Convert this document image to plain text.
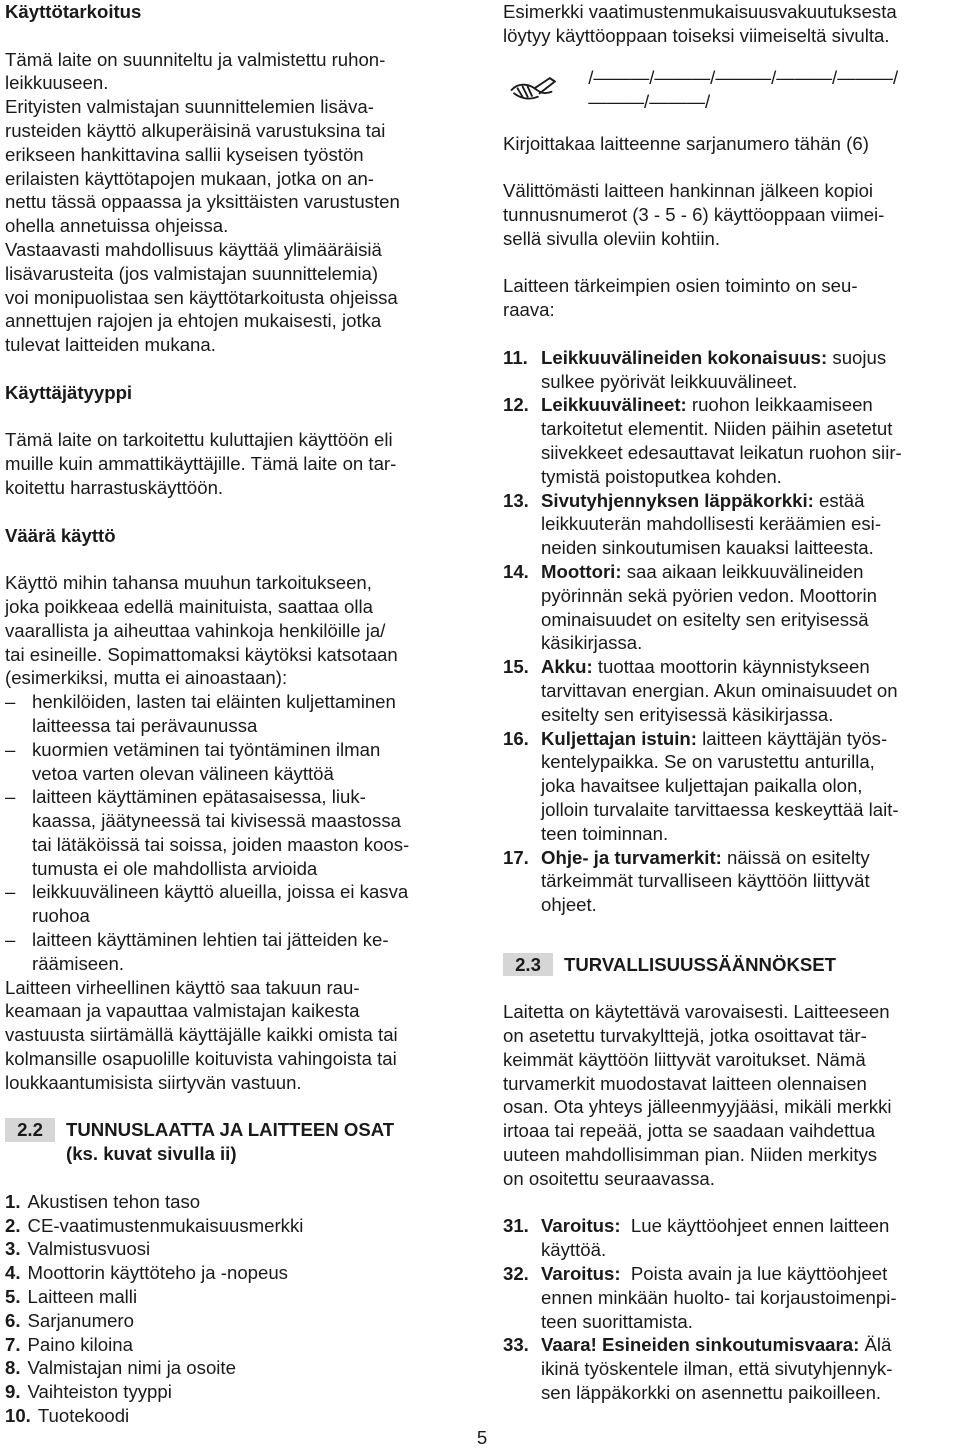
Käyttötarkoitus

Tämä laite on suunniteltu ja valmistettu ruhon-

leikkuuseen.

Erityisten valmistajan suunnittelemien lisäva-

rusteiden käyttö alkuperäisinä varustuksina tai

erikseen hankittavina sallii kyseisen työstön

erilaisten käyttötapojen mukaan, jotka on an-

nettu tässä oppaassa ja yksittäisten varustusten

ohella annetuissa ohjeissa.

Vastaavasti mahdollisuus käyttää ylimääräisiä

lisävarusteita (jos valmistajan suunnittelemia)

voi monipuolistaa sen käyttötarkoitusta ohjeissa

annettujen rajojen ja ehtojen mukaisesti, jotka

tulevat laitteiden mukana.

Käyttäjätyyppi

Tämä laite on tarkoitettu kuluttajien käyttöön eli

muille kuin ammattikäyttäjille. Tämä laite on tar-

koitettu harrastuskäyttöön.

Väärä käyttö

Käyttö mihin tahansa muuhun tarkoitukseen,

joka poikkeaa edellä mainituista, saattaa olla

vaarallista ja aiheuttaa vahinkoja henkilöille ja/

tai esineille. Sopimattomaksi käytöksi katsotaan

(esimerkiksi, mutta ei ainoastaan):

– henkilöiden, lasten tai eläinten kuljettaminen

laitteessa tai perävaunussa

– kuormien vetäminen tai työntäminen ilman

vetoa varten olevan välineen käyttöä

– laitteen käyttäminen epätasaisessa, liuk-

kaassa, jäätyneessä tai kivisessä maastossa

tai lätäköissä tai soissa, joiden maaston koos-

tumusta ei ole mahdollista arvioida

– leikkuuvälineen käyttö alueilla, joissa ei kasva

ruohoa

– laitteen käyttäminen lehtien tai jätteiden ke-

räämiseen.

Laitteen virheellinen käyttö saa takuun rau-

keamaan ja vapauttaa valmistajan kaikesta

vastuusta siirtämällä käyttäjälle kaikki omista tai

kolmansille osapuolille koituvista vahingoista tai

loukkaantumisista siirtyvän vastuun.

2.2	TUNNUSLAATTA JA LAITTEEN OSAT

(ks. kuvat sivulla ii)

1. Akustisen tehon taso
2. CE-vaatimustenmukaisuusmerkki
3. Valmistusvuosi
4. Moottorin käyttöteho ja -nopeus
5. Laitteen malli
6. Sarjanumero
7. Paino kiloina
8. Valmistajan nimi ja osoite
9. Vaihteiston tyyppi
10. Tuotekoodi

Esimerkki vaatimustenmukaisuusvakuutuksesta

löytyy käyttöoppaan toiseksi viimeiseltä sivulta.

/———/———/———/———/———/———/———/

Kirjoittakaa laitteenne sarjanumero tähän (6)

Välittömästi laitteen hankinnan jälkeen kopioi

tunnusnumerot (3 - 5 - 6) käyttöoppaan viimei-

sellä sivulla oleviin kohtiin.

Laitteen tärkeimpien osien toiminto on seu-

raava:

11. Leikkuuvälineiden kokonaisuus: suojus

sulkee pyörivät leikkuuvälineet.

12. Leikkuuvälineet: ruohon leikkaamiseen

tarkoitetut elementit. Niiden päihin asetetut

siivekkeet edesauttavat leikatun ruohon siir-

tymistä poistoputkea kohden.

13. Sivutyhjennyksen läppäkorkki: estää

leikkuuterän mahdollisesti keräämien esi-

neiden sinkoutumisen kauaksi laitteesta.

14. Moottori: saa aikaan leikkuuvälineiden

pyörinnän sekä pyörien vedon. Moottorin

ominaisuudet on esitelty sen erityisessä

käsikirjassa.

15. Akku: tuottaa moottorin käynnistykseen

tarvittavan energian. Akun ominaisuudet on

esitelty sen erityisessä käsikirjassa.

16. Kuljettajan istuin: laitteen käyttäjän työs-

kentelypaikka. Se on varustettu anturilla,

joka havaitsee kuljettajan paikalla olon,

jolloin turvalaite tarvittaessa keskeyttää lait-

teen toiminnan.

17. Ohje- ja turvamerkit: näissä on esitelty

tärkeimmät turvalliseen käyttöön liittyvät

ohjeet.

2.3	TURVALLISUUSSÄÄNNÖKSET

Laitetta on käytettävä varovaisesti. Laitteeseen

on asetettu turvakylttejä, jotka osoittavat tär-

keimmät käyttöön liittyvät varoitukset. Nämä

turvamerkit muodostavat laitteen olennaisen

osan. Ota yhteys jälleenmyyjääsi, mikäli merkki

irtoaa tai repeää, jotta se saadaan vaihdettua

uuteen mahdollisimman pian. Niiden merkitys

on osoitettu seuraavassa.

31. Varoitus: Lue käyttöohjeet ennen laitteen

käyttöä.

32. Varoitus: Poista avain ja lue käyttöohjeet

ennen minkään huolto- tai korjaustoimenpi-

teen suorittamista.

33. Vaara! Esineiden sinkoutumisvaara: Älä

ikinä työskentele ilman, että sivutyhjennyk-

sen läppäkorkki on asennettu paikoilleen.

5
